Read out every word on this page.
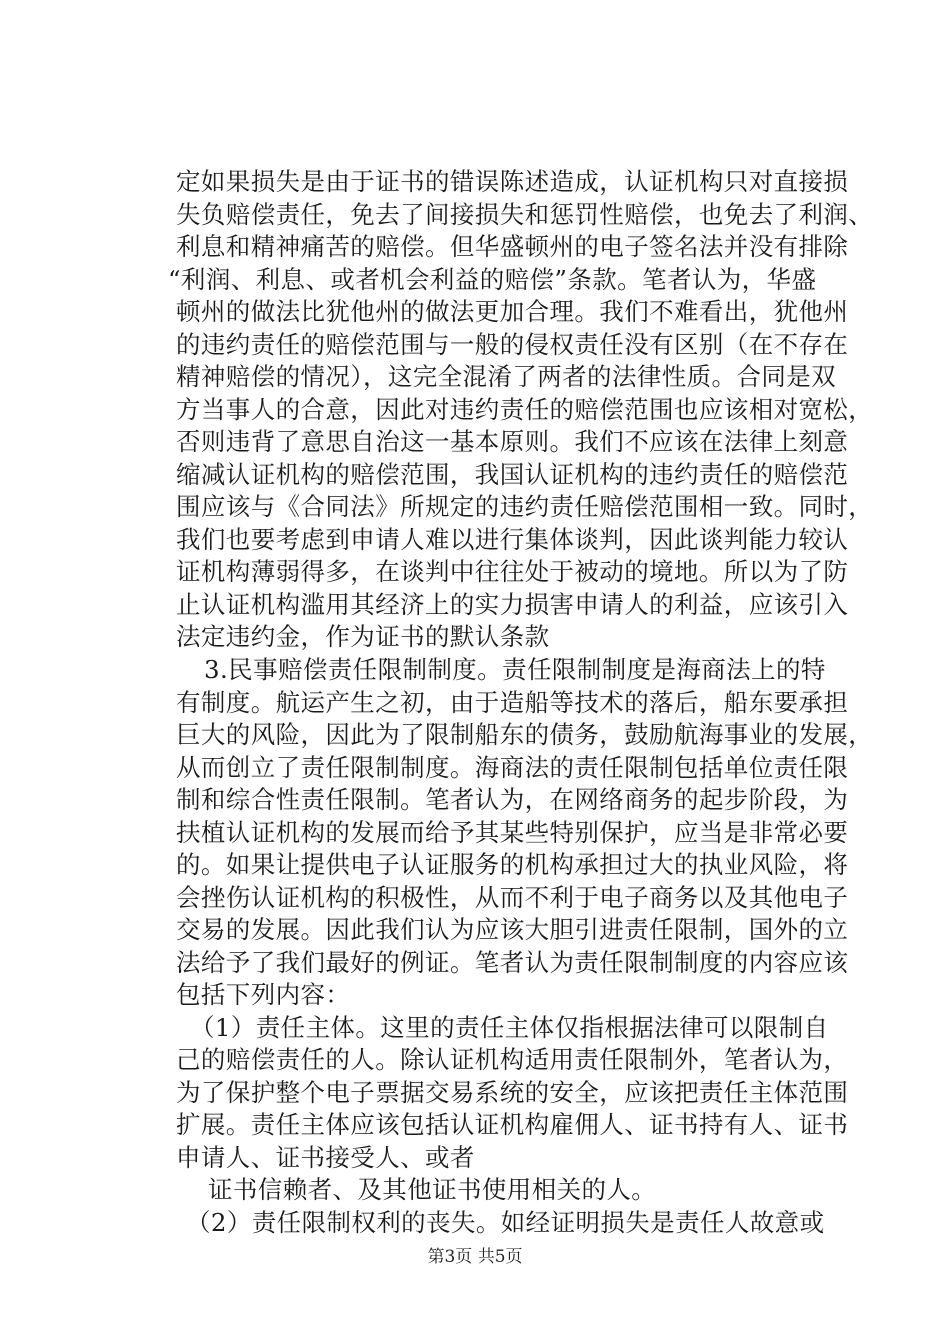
定如果损失是由于证书的错误陈述造成，认证机构只对直接损
失负赔偿责任，免去了间接损失和惩罚性赔偿，也免去了利润、
利息和精神痛苦的赔偿。但华盛顿州的电子签名法并没有排除
“利润、利息、或者机会利益的赔偿”条款。笔者认为，华盛
顿州的做法比犹他州的做法更加合理。我们不难看出，犹他州
的违约责任的赔偿范围与一般的侵权责任没有区别（在不存在
精神赔偿的情况），这完全混淆了两者的法律性质。合同是双
方当事人的合意，因此对违约责任的赔偿范围也应该相对宽松，
否则违背了意思自治这一基本原则。我们不应该在法律上刻意
缩减认证机构的赔偿范围，我国认证机构的违约责任的赔偿范
围应该与《合同法》所规定的违约责任赔偿范围相一致。同时，
我们也要考虑到申请人难以进行集体谈判，因此谈判能力较认
证机构薄弱得多，在谈判中往往处于被动的境地。所以为了防
止认证机构滥用其经济上的实力损害申请人的利益，应该引入
法定违约金，作为证书的默认条款
3.民事赔偿责任限制制度。责任限制制度是海商法上的特
有制度。航运产生之初，由于造船等技术的落后，船东要承担
巨大的风险，因此为了限制船东的债务，鼓励航海事业的发展，
从而创立了责任限制制度。海商法的责任限制包括单位责任限
制和综合性责任限制。笔者认为，在网络商务的起步阶段，为
扶植认证机构的发展而给予其某些特别保护，应当是非常必要
的。如果让提供电子认证服务的机构承担过大的执业风险，将
会挫伤认证机构的积极性，从而不利于电子商务以及其他电子
交易的发展。因此我们认为应该大胆引进责任限制，国外的立
法给予了我们最好的例证。笔者认为责任限制制度的内容应该
包括下列内容：
（1）责任主体。这里的责任主体仅指根据法律可以限制自
己的赔偿责任的人。除认证机构适用责任限制外，笔者认为，
为了保护整个电子票据交易系统的安全，应该把责任主体范围
扩展。责任主体应该包括认证机构雇佣人、证书持有人、证书
申请人、证书接受人、或者
证书信赖者、及其他证书使用相关的人。
（2）责任限制权利的丧失。如经证明损失是责任人故意或
第3页 共5页
